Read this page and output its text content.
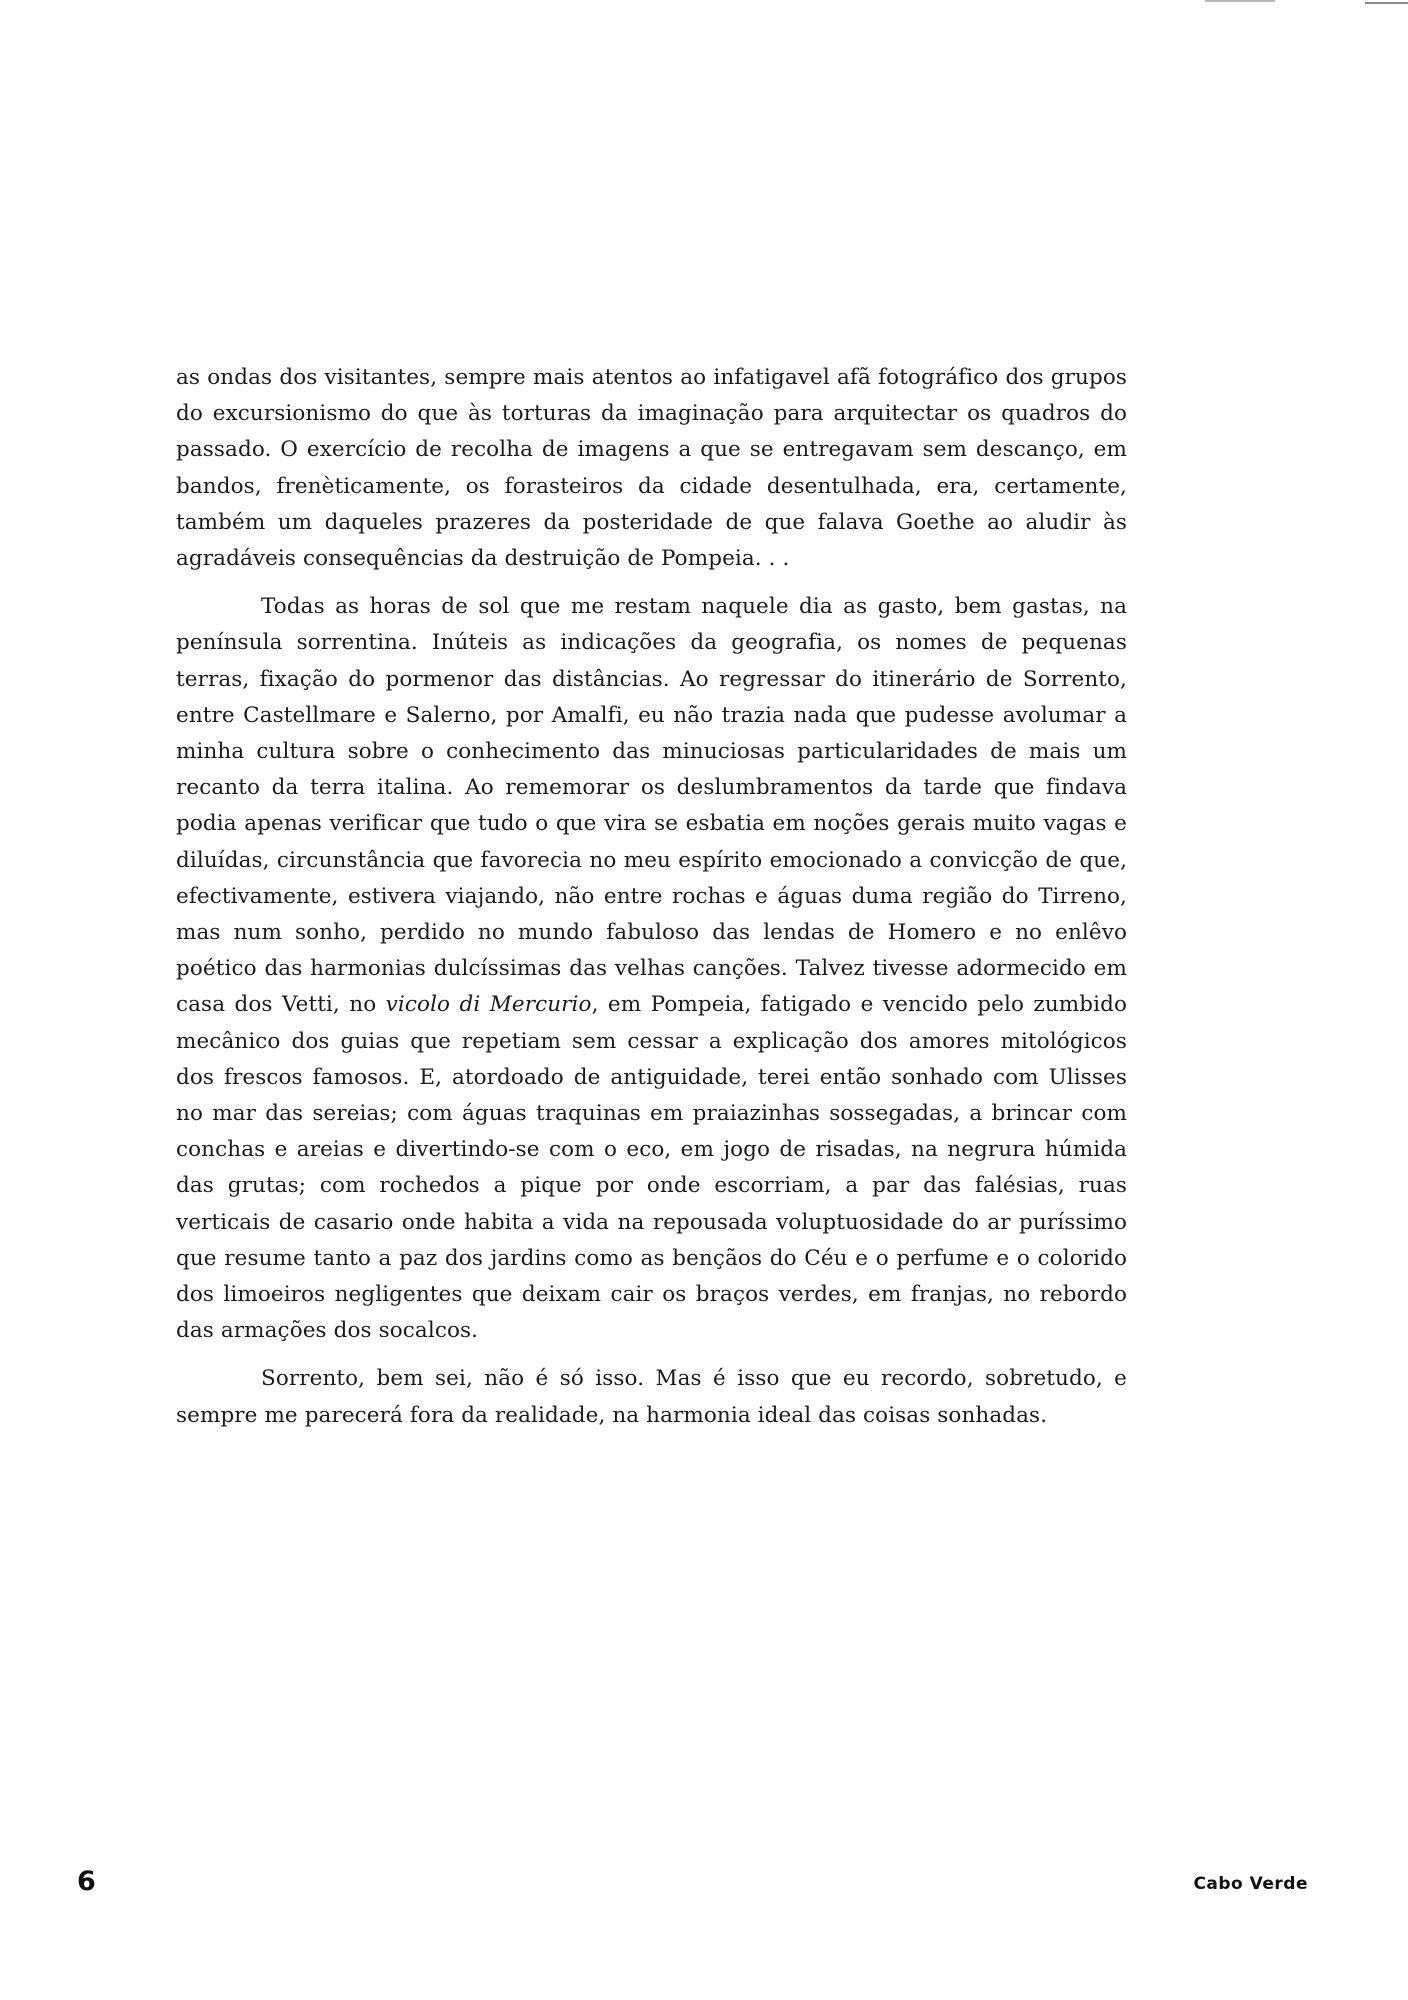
as ondas dos visitantes, sempre mais atentos ao infatigavel afã fotográfico dos grupos do excursionismo do que às torturas da imaginação para arquitectar os quadros do passado. O exercício de recolha de imagens a que se entregavam sem descanço, em bandos, frenèticamente, os forasteiros da cidade desentulhada, era, certamente, também um daqueles prazeres da posteridade de que falava Goethe ao aludir às agradáveis consequências da destruição de Pompeia. . .

Todas as horas de sol que me restam naquele dia as gasto, bem gastas, na península sorrentina. Inúteis as indicações da geografia, os nomes de pequenas terras, fixação do pormenor das distâncias. Ao regressar do itinerário de Sorrento, entre Castellmare e Salerno, por Amalfi, eu não trazia nada que pudesse avolumar a minha cultura sobre o conhecimento das minuciosas particularidades de mais um recanto da terra italina. Ao rememorar os deslumbramentos da tarde que findava podia apenas verificar que tudo o que vira se esbatia em noções gerais muito vagas e diluídas, circunstância que favorecia no meu espírito emocionado a convicção de que, efectivamente, estivera viajando, não entre rochas e águas duma região do Tirreno, mas num sonho, perdido no mundo fabuloso das lendas de Homero e no enlêvo poético das harmonias dulcíssimas das velhas canções. Talvez tivesse adormecido em casa dos Vetti, no vicolo di Mercurio, em Pompeia, fatigado e vencido pelo zumbido mecânico dos guias que repetiam sem cessar a explicação dos amores mitológicos dos frescos famosos. E, atordoado de antiguidade, terei então sonhado com Ulisses no mar das sereias; com águas traquinas em praiazinhas sossegadas, a brincar com conchas e areias e divertindo-se com o eco, em jogo de risadas, na negrura húmida das grutas; com rochedos a pique por onde escorriam, a par das falésias, ruas verticais de casario onde habita a vida na repousada voluptuosidade do ar puríssimo que resume tanto a paz dos jardins como as bençãos do Céu e o perfume e o colorido dos limoeiros negligentes que deixam cair os braços verdes, em franjas, no rebordo das armações dos socalcos.

Sorrento, bem sei, não é só isso. Mas é isso que eu recordo, sobretudo, e sempre me parecerá fora da realidade, na harmonia ideal das coisas sonhadas.

6	Cabo Verde
